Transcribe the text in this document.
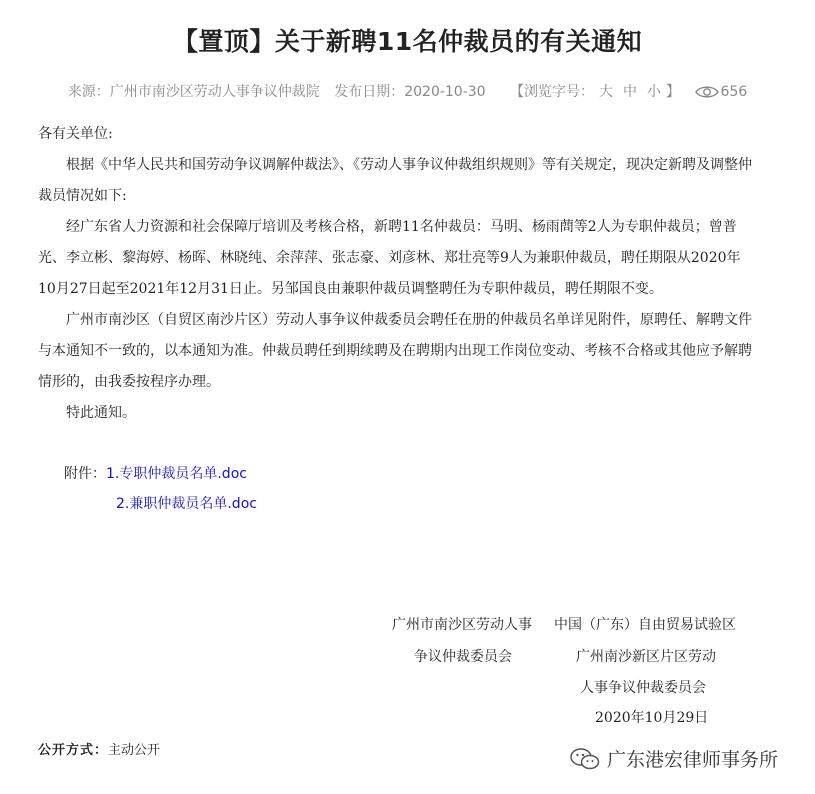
【置顶】关于新聘11名仲裁员的有关通知
来源：广州市南沙区劳动人事争议仲裁院 发布日期：2020-10-30 【浏览字号： 大 中 小 】	656
各有关单位:
根据《中华人民共和国劳动争议调解仲裁法》、《劳动人事争议仲裁组织规则》等有关规定，现决定新聘及调整仲裁员情况如下:
经广东省人力资源和社会保障厅培训及考核合格，新聘11名仲裁员：马明、杨雨蔄等2人为专职仲裁员；曾普光、李立彬、黎海婷、杨晖、林晓纯、余萍萍、张志豪、刘彦林、郑壮亮等9人为兼职仲裁员，聘任期限从2020年10月27日起至2021年12月31日止。另邹国良由兼职仲裁员调整聘任为专职仲裁员，聘任期限不变。
广州市南沙区（自贸区南沙片区）劳动人事争议仲裁委员会聘任在册的仲裁员名单详见附件，原聘任、解聘文件与本通知不一致的，以本通知为准。仲裁员聘任到期续聘及在聘期内出现工作岗位变动、考核不合格或其他应予解聘情形的，由我委按程序办理。
特此通知。
附件： 1.专职仲裁员名单.doc
2.兼职仲裁员名单.doc
广州市南沙区劳动人事
争议仲裁委员会
中国（广东）自由贸易试验区
广州南沙新区片区劳动
人事争议仲裁委员会
2020年10月29日
公开方式：主动公开	广东港宏律师事务所
